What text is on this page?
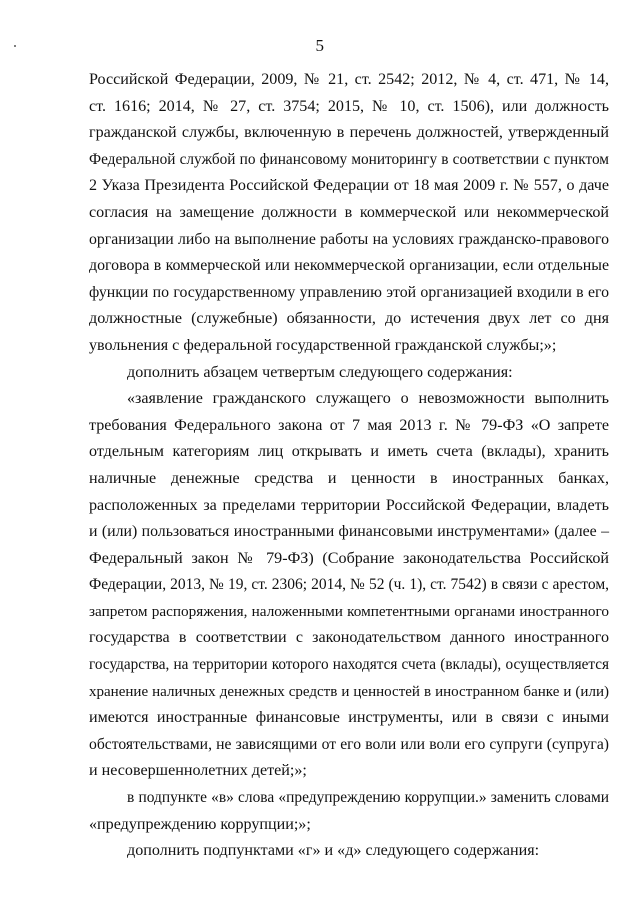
5
Российской Федерации, 2009, № 21, ст. 2542; 2012, № 4, ст. 471, № 14,
ст. 1616; 2014, № 27, ст. 3754; 2015, № 10, ст. 1506), или должность
гражданской службы, включенную в перечень должностей, утвержденный
Федеральной службой по финансовому мониторингу в соответствии с пунктом
2 Указа Президента Российской Федерации от 18 мая 2009 г. № 557, о даче
согласия на замещение должности в коммерческой или некоммерческой
организации либо на выполнение работы на условиях гражданско-правового
договора в коммерческой или некоммерческой организации, если отдельные
функции по государственному управлению этой организацией входили в его
должностные (служебные) обязанности, до истечения двух лет со дня
увольнения с федеральной государственной гражданской службы;»;
дополнить абзацем четвертым следующего содержания:
«заявление гражданского служащего о невозможности выполнить
требования Федерального закона от 7 мая 2013 г. № 79-ФЗ «О запрете
отдельным категориям лиц открывать и иметь счета (вклады), хранить
наличные денежные средства и ценности в иностранных банках,
расположенных за пределами территории Российской Федерации, владеть
и (или) пользоваться иностранными финансовыми инструментами» (далее –
Федеральный закон № 79-ФЗ) (Собрание законодательства Российской
Федерации, 2013, № 19, ст. 2306; 2014, № 52 (ч. 1), ст. 7542) в связи с арестом,
запретом распоряжения, наложенными компетентными органами иностранного
государства в соответствии с законодательством данного иностранного
государства, на территории которого находятся счета (вклады), осуществляется
хранение наличных денежных средств и ценностей в иностранном банке и (или)
имеются иностранные финансовые инструменты, или в связи с иными
обстоятельствами, не зависящими от его воли или воли его супруги (супруга)
и несовершеннолетних детей;»;
в подпункте «в» слова «предупреждению коррупции.» заменить словами
«предупреждению коррупции;»;
дополнить подпунктами «г» и «д» следующего содержания:
